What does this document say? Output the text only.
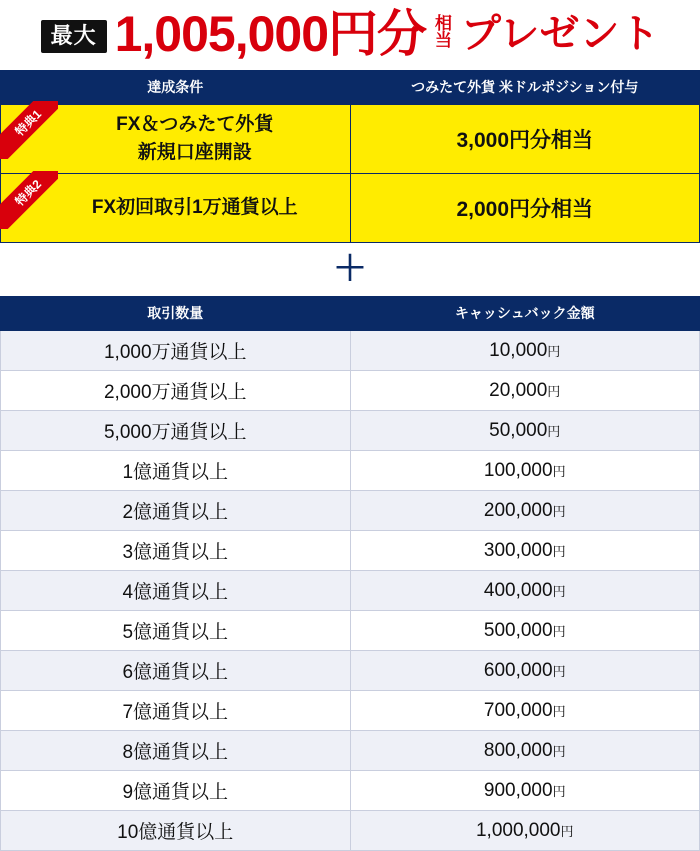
最大 1,005,000円分 相
当 プレゼント
達成条件	つみたて外貨 米ドルポジション付与

FX＆つみたて外貨
新規口座開設	3,000円分相当

FX初回取引1万通貨以上	2,000円分相当
特典1
特典2
＋
取引数量	キャッシュバック金額
1,000万通貨以上	10,000円
2,000万通貨以上	20,000円
5,000万通貨以上	50,000円
1億通貨以上	100,000円
2億通貨以上	200,000円
3億通貨以上	300,000円
4億通貨以上	400,000円
5億通貨以上	500,000円
6億通貨以上	600,000円
7億通貨以上	700,000円
8億通貨以上	800,000円
9億通貨以上	900,000円
10億通貨以上	1,000,000円
